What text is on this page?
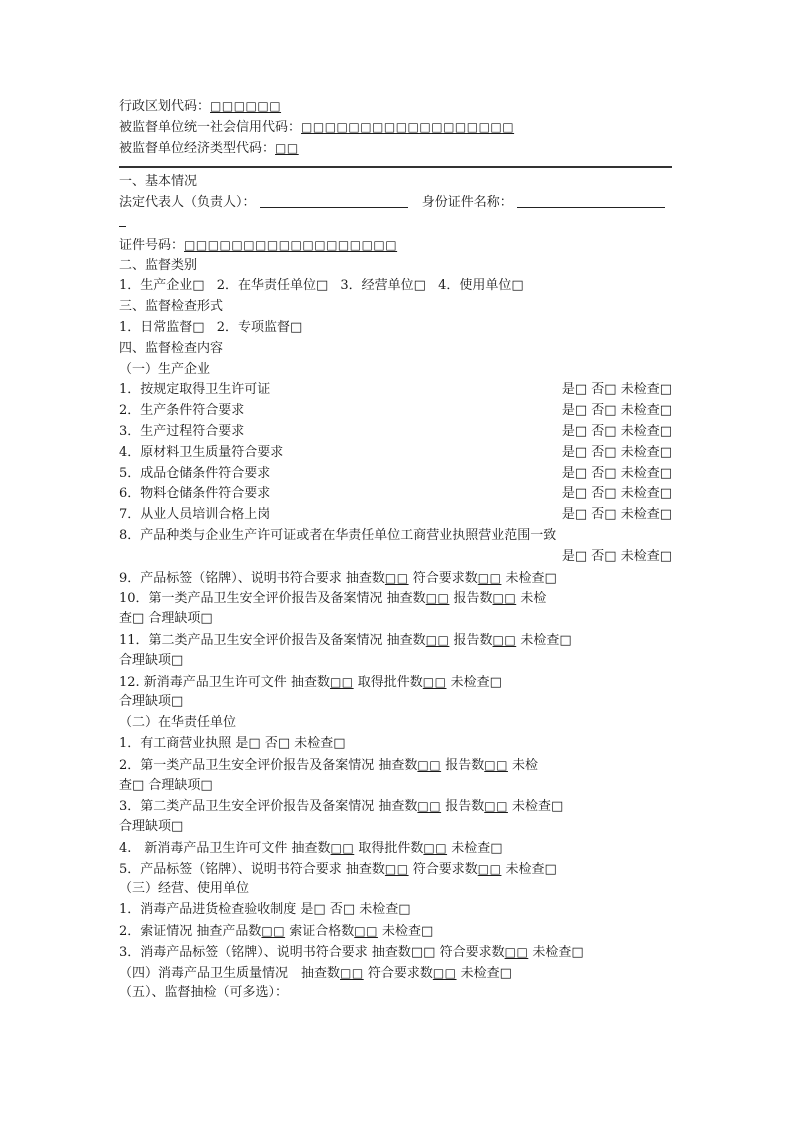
行政区划代码：□□□□□□
被监督单位统一社会信用代码：□□□□□□□□□□□□□□□□□□
被监督单位经济类型代码：□□
一、基本情况
法定代表人（负责人）：	身份证件名称：
证件号码：□□□□□□□□□□□□□□□□□□
二、监督类别
1．生产企业□ 2．在华责任单位□ 3．经营单位□ 4．使用单位□
三、监督检查形式
1．日常监督□ 2．专项监督□
四、监督检查内容
（一）生产企业
1．按规定取得卫生许可证	是□ 否□ 未检查□
2．生产条件符合要求	是□ 否□ 未检查□
3．生产过程符合要求	是□ 否□ 未检查□
4．原材料卫生质量符合要求	是□ 否□ 未检查□
5．成品仓储条件符合要求	是□ 否□ 未检查□
6．物料仓储条件符合要求	是□ 否□ 未检查□
7．从业人员培训合格上岗	是□ 否□ 未检查□
8．产品种类与企业生产许可证或者在华责任单位工商营业执照营业范围一致
是□ 否□ 未检查□
9．产品标签（铭牌）、说明书符合要求 抽查数□□ 符合要求数□□ 未检查□
10．第一类产品卫生安全评价报告及备案情况 抽查数□□ 报告数□□ 未检
查□ 合理缺项□
11．第二类产品卫生安全评价报告及备案情况 抽查数□□ 报告数□□ 未检查□
合理缺项□
12. 新消毒产品卫生许可文件 抽查数□□ 取得批件数□□ 未检查□
合理缺项□
（二）在华责任单位
1．有工商营业执照 是□ 否□ 未检查□
2．第一类产品卫生安全评价报告及备案情况 抽查数□□ 报告数□□ 未检
查□ 合理缺项□
3．第二类产品卫生安全评价报告及备案情况 抽查数□□ 报告数□□ 未检查□
合理缺项□
4.　新消毒产品卫生许可文件 抽查数□□ 取得批件数□□ 未检查□
5．产品标签（铭牌）、说明书符合要求 抽查数□□ 符合要求数□□ 未检查□
（三）经营、使用单位
1．消毒产品进货检查验收制度 是□ 否□ 未检查□
2．索证情况 抽查产品数□□ 索证合格数□□ 未检查□
3．消毒产品标签（铭牌）、说明书符合要求 抽查数□□ 符合要求数□□ 未检查□
（四）消毒产品卫生质量情况　抽查数□□ 符合要求数□□ 未检查□
（五）、监督抽检（可多选）：
